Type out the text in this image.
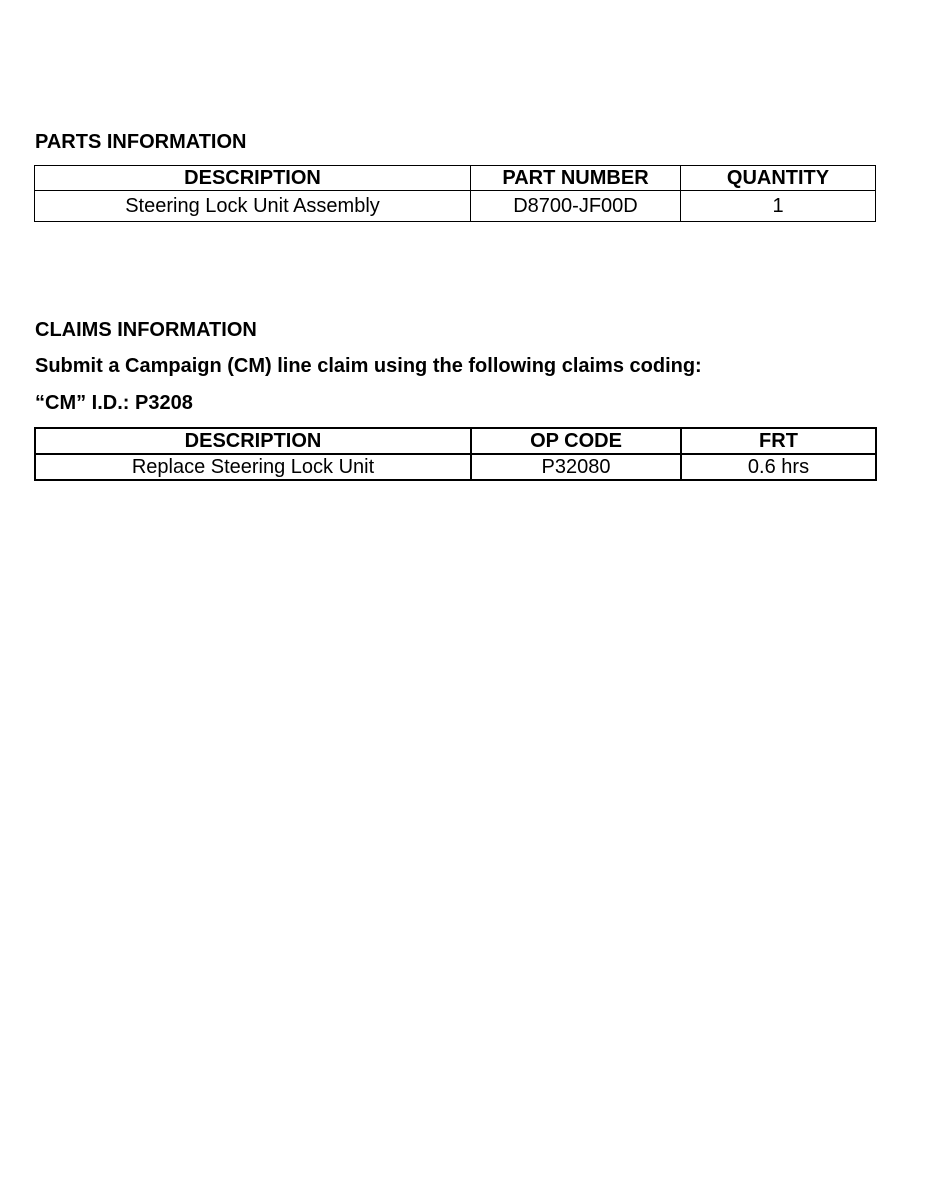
PARTS INFORMATION
DESCRIPTION	PART NUMBER	QUANTITY
Steering Lock Unit Assembly	D8700-JF00D	1
CLAIMS INFORMATION
Submit a Campaign (CM) line claim using the following claims coding:
“CM” I.D.: P3208
DESCRIPTION	OP CODE	FRT
Replace Steering Lock Unit	P32080	0.6 hrs
